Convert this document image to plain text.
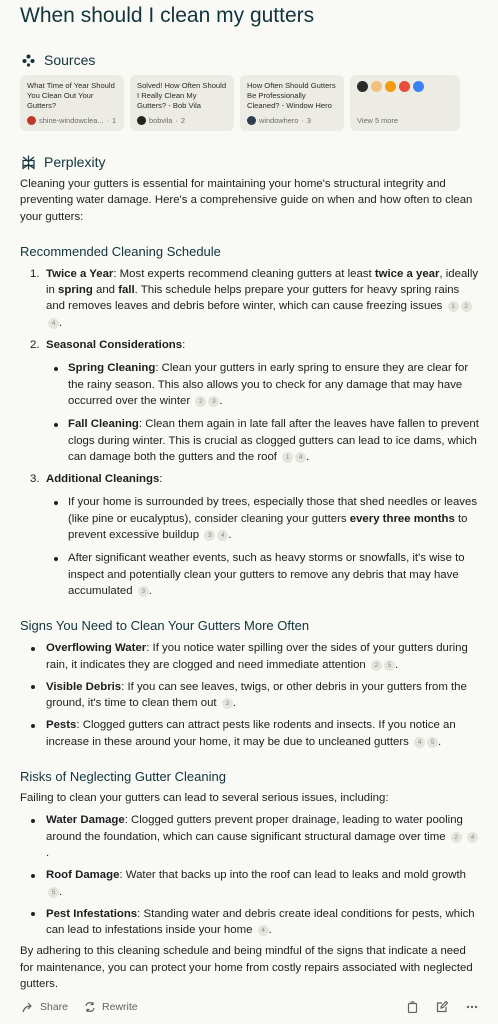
When should I clean my gutters
Sources
What Time of Year Should You Clean Out Your Gutters?
shine-windowclea... · 1
Solved! How Often Should I Really Clean My Gutters? - Bob Vila
bobvila · 2
How Often Should Gutters Be Professionally Cleaned? - Window Hero
windowhero · 3	View 5 more
Perplexity

Cleaning your gutters is essential for maintaining your home's structural integrity and preventing water damage. Here's a comprehensive guide on when and how often to clean your gutters:

Recommended Cleaning Schedule
1. Twice a Year: Most experts recommend cleaning gutters at least twice a year, ideally in spring and fall. This schedule helps prepare your gutters for heavy spring rains and removes leaves and debris before winter, which can cause freezing issues 1 2 4 .
2. Seasonal Considerations:
Spring Cleaning: Clean your gutters in early spring to ensure they are clear for the rainy season. This also allows you to check for any damage that may have occurred over the winter 2 3 .
Fall Cleaning: Clean them again in late fall after the leaves have fallen to prevent clogs during winter. This is crucial as clogged gutters can lead to ice dams, which can damage both the gutters and the roof 1 4 .
3. Additional Cleanings:
If your home is surrounded by trees, especially those that shed needles or leaves (like pine or eucalyptus), consider cleaning your gutters every three months to prevent excessive buildup 3 4 .
After significant weather events, such as heavy storms or snowfalls, it's wise to inspect and potentially clean your gutters to remove any debris that may have accumulated 3 .
Signs You Need to Clean Your Gutters More Often
Overflowing Water: If you notice water spilling over the sides of your gutters during rain, it indicates they are clogged and need immediate attention 2 5 .
Visible Debris: If you can see leaves, twigs, or other debris in your gutters from the ground, it's time to clean them out 3 .
Pests: Clogged gutters can attract pests like rodents and insects. If you notice an increase in these around your home, it may be due to uncleaned gutters 4 5 .
Risks of Neglecting Gutter Cleaning

Failing to clean your gutters can lead to several serious issues, including:

Water Damage: Clogged gutters prevent proper drainage, leading to water pooling around the foundation, which can cause significant structural damage over time 2 4.
Roof Damage: Water that backs up into the roof can lead to leaks and mold growth 5 .
Pest Infestations: Standing water and debris create ideal conditions for pests, which can lead to infestations inside your home 4 .

By adhering to this cleaning schedule and being mindful of the signs that indicate a need for maintenance, you can protect your home from costly repairs associated with neglected gutters.

Share	Rewrite
